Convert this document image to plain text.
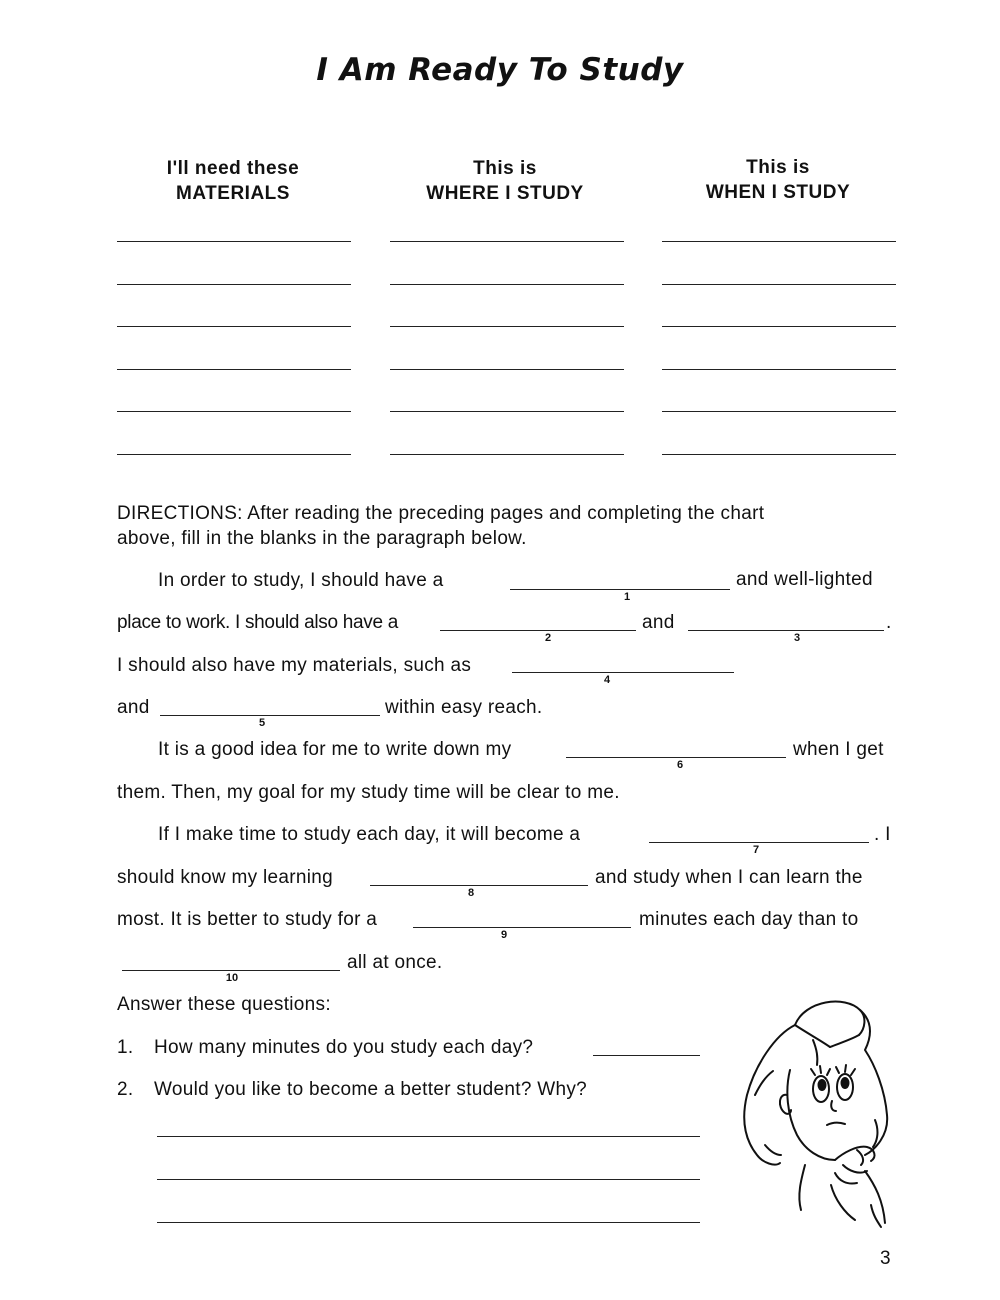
I Am Ready To Study
I'll need these
MATERIALS
This is
WHERE I STUDY
This is
WHEN I STUDY
DIRECTIONS: After reading the preceding pages and completing the chart
above, fill in the blanks in the paragraph below.
In order to study, I should have a
1
and well-lighted
place to work. I should also have a
2
and
3
.
I should also have my materials, such as
4
and
5
within easy reach.
It is a good idea for me to write down my
6
when I get
them. Then, my goal for my study time will be clear to me.
If I make time to study each day, it will become a
7
. I
should know my learning
8
and study when I can learn the
most. It is better to study for a
9
minutes each day than to
10
all at once.
Answer these questions:
1. How many minutes do you study each day?
2. Would you like to become a better student? Why?
3
